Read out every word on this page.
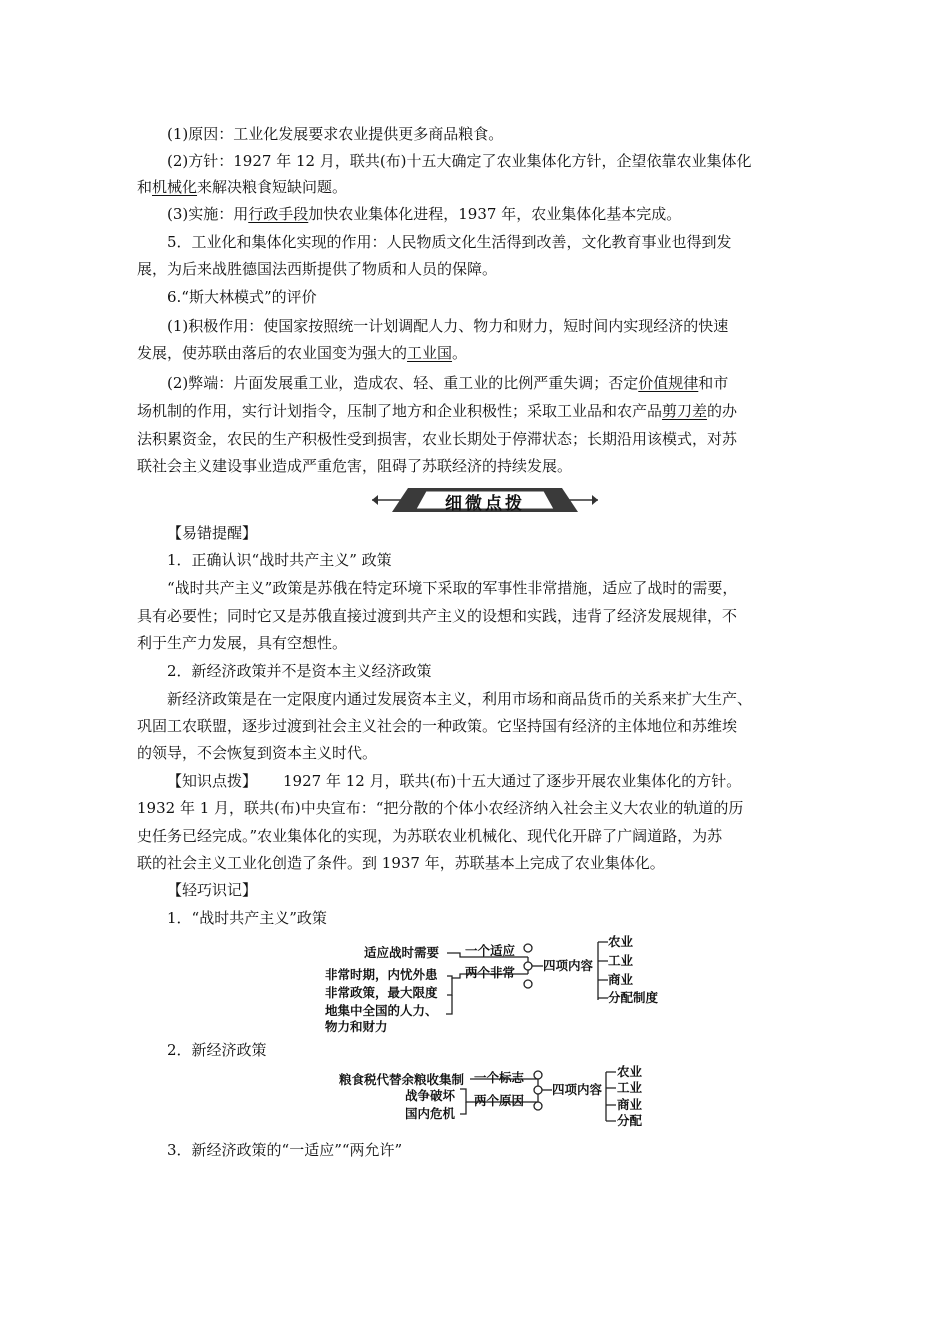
(1)原因：工业化发展要求农业提供更多商品粮食。
(2)方针：1927 年 12 月，联共(布)十五大确定了农业集体化方针，企望依靠农业集体化
和机械化来解决粮食短缺问题。
(3)实施：用行政手段加快农业集体化进程，1937 年，农业集体化基本完成。
5．工业化和集体化实现的作用：人民物质文化生活得到改善，文化教育事业也得到发
展，为后来战胜德国法西斯提供了物质和人员的保障。
6.“斯大林模式”的评价
(1)积极作用：使国家按照统一计划调配人力、物力和财力，短时间内实现经济的快速
发展，使苏联由落后的农业国变为强大的工业国。
(2)弊端：片面发展重工业，造成农、轻、重工业的比例严重失调；否定价值规律和市
场机制的作用，实行计划指令，压制了地方和企业积极性；采取工业品和农产品剪刀差的办
法积累资金，农民的生产积极性受到损害，农业长期处于停滞状态；长期沿用该模式，对苏
联社会主义建设事业造成严重危害，阻碍了苏联经济的持续发展。
细微点拨
【易错提醒】
1．正确认识“战时共产主义” 政策
“战时共产主义”政策是苏俄在特定环境下采取的军事性非常措施，适应了战时的需要，
具有必要性；同时它又是苏俄直接过渡到共产主义的设想和实践，违背了经济发展规律，不
利于生产力发展，具有空想性。
2．新经济政策并不是资本主义经济政策
新经济政策是在一定限度内通过发展资本主义，利用市场和商品货币的关系来扩大生产、
巩固工农联盟，逐步过渡到社会主义社会的一种政策。它坚持国有经济的主体地位和苏维埃
的领导，不会恢复到资本主义时代。
【知识点拨】 1927 年 12 月，联共(布)十五大通过了逐步开展农业集体化的方针。
1932 年 1 月，联共(布)中央宣布：“把分散的个体小农经济纳入社会主义大农业的轨道的历
史任务已经完成。”农业集体化的实现，为苏联农业机械化、现代化开辟了广阔道路，为苏
联的社会主义工业化创造了条件。到 1937 年，苏联基本上完成了农业集体化。
【轻巧识记】
1．“战时共产主义”政策
适应战时需要
非常时期，内忧外患
非常政策，最大限度
地集中全国的人力、
物力和财力
一个适应
两个非常 四项内容
农业
工业
商业
分配制度
2．新经济政策
粮食税代替余粮收集制
战争破坏
国内危机
一个标志
两个原因
四项内容
农业
工业
商业
分配
3．新经济政策的“一适应”“两允许”
